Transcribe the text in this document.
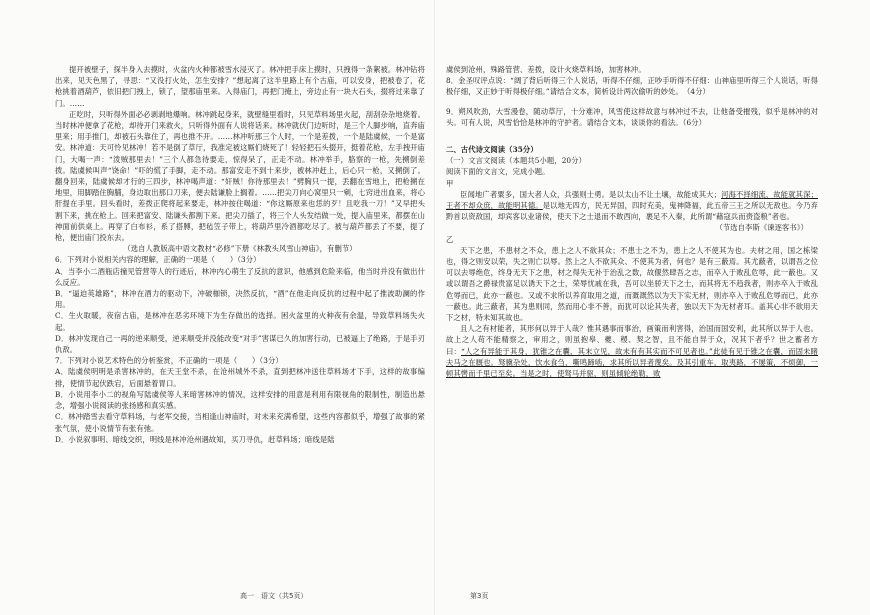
提开被壁子，探半身入去摸时，火盆内火种都被雪水浸灭了。林冲把手床上摸时，只拽得一条絮被。林冲钻将出来，见天色黑了，寻思：“又没打火处，怎生安排？”想起离了这半里路上有个古庙，可以安身，把被卷了，花枪挑着酒葫芦，依旧把门拽上，锁了，望那庙里来。入得庙门，再把门掩上，旁边止有一块大石头，掇将过来靠了门。……

正吃时，只听得外面必必剥剥地爆响。林冲跳起身来，就壁缝里看时，只见草料场里火起，刮刮杂杂地烧着。当时林冲便拿了花枪，却待开门来救火，只听得外面有人说将话来。林冲就伏门边听时，是三个人脚步响，直奔庙里来；用手推门，却被石头靠住了，再也推不开。……林冲听那三个人时，一个是差拨，一个是陆虞候，一个是富安。林冲道：天可怜见林冲！若不是倒了草厅，我准定被这厮们烧死了！轻轻把石头掇开，挺着花枪，左手拽开庙门，大喝一声：“泼贼那里去！”三个人都急待要走，惊得呆了，正走不动。林冲举手，胳察的一枪，先搠倒差拨。陆虞候叫声“饶命！”吓的慌了手脚，走不动。那富安走不到十来步，被林冲赶上，后心只一枪，又搠倒了。翻身回来，陆虞候却才行的三四步，林冲喝声道：“奸贼！你待那里去！”劈胸只一提，丢翻在雪地上，把枪搠在地里，用脚踏住胸脯，身边取出那口刀来，便去陆谦脸上搁着。……把尖刀向心窝里只一剜，七窍迸出血来，将心肝提在手里。回头看时，差拨正爬将起来要走，林冲按住喝道：“你这厮原来也恁的歹！且吃我一刀！”又早把头割下来，挑在枪上。回来把富安、陆谦头都割下来。把尖刀插了，将三个人头发结做一处，提入庙里来，都摆在山神面前供桌上。再穿了白布衫，系了搭膊，把毡笠子带上，将葫芦里冷酒都吃尽了。被与葫芦都丢了不要，提了枪，便出庙门投东去。

（选自人教版高中语文教材“必修”下册《林教头风雪山神庙》，有删节）

6．下列对小说相关内容的理解，正确的一项是（　　）（3分）

A．当李小二酒瓶店撞见管营等人的行迹后，林冲内心萌生了反抗的意识，他感到危险来临，他当时并没有做出什么反应。

B．“逼迫英雄路”，林冲在酒力的驱动下，冲破枷锁，决然反抗，“酒”在他走向反抗的过程中起了推波助澜的作用。

C．生火取暖，夜宿古庙，是林冲在恶劣环境下为生存做出的选择。困火盆里的火种夜有余温，导致草料场失火起。

D．林冲发现自己一再的逆来顺受，逆来顺受并没能改变“对手”害谋已久的加害行动，已被逼上了绝路，于是手刃仇敌。

7．下列对小说艺术特色的分析鉴赏，不正确的一项是（　　）（3分）

A．陆虞侯明明是杀害林冲的，在天王堂不杀，在沧州城外不杀，直到把林冲送往草料场才下手，这样的故事编排，使情节起伏跌宕，后面悬着胃口。

B．小说用李小二的视角写陆虞侯等人来暗害林冲的情况，这样安排的用意是利用有限视角的限制性，制造出悬念，增强小说阅读的张扬感和真实感。

C．林冲踏雪去看守草料场，与老军交接，当相逢山神庙时，对未来充满希望，这些内容都似乎，增强了故事的紧张气氛，使小说情节有张有弛。

D．小说叙事明、暗线交织，明线是林冲沧州遇故知，买刀寻仇，赶草料场；暗线是陆

虞侯到沧州，殊路管营、差拨，设计火烧草料场，加害林冲。

8．金圣叹评点说：“阔了背后听得三个人说话，听得不仔细，正吵手听得不仔细：山神庙里听得三个人说话，听得极仔细，又正妙于听得极仔细。”请结合文本，简析设计两次偷听的妙处。　（4分）

9．朔风吹劲，大雪漫卷，随动草厅，十分难冲，风雪使这样故意与林冲过不去，让他备受摧残，似乎是林冲的对头。可有人说，风雪恰恰是林冲的守护者。请结合文本，谈谈你的看法。（6分）

二、古代诗文阅读（35分）

（一）文言文阅读（本题共5小题，20分）

阅读下面的文言文，完成小题。

甲

臣闻地广者粟多，国大者人众，兵强则士勇。是以太山不让土壤，故能成其大；河海不择细流，故能就其深；王者不却众庶，故能明其德。是以地无四方，民无异国，四时充美，鬼神降福，此五帝三王之所以无敌也。今乃弃黔首以资敌国，却宾客以业诸侯，使天下之士退而不敢西向，裹足不入秦，此所谓“藉寇兵而赍盗粮”者也。

（节选自李斯《谏逐客书》）

乙

天下之患，不患材之不众，患上之人不欲其众；不患士之不为，患上之人不使其为也。夫材之用，国之栋梁也，得之则安以荣，失之则亡以辱。然上之人不欲其众、不使其为者，何也？是有三蔽焉。其尤蔽者，以谓吾之位可以去辱绝危，终身无天下之患，材之得失无补于治乱之数，故偃然肆吾之志，而卒入于败乱危辱，此一蔽也。又或以谓吾之爵禄贵富足以诱天下之士，荣辱忧戚在我，吾可以坐骄天下之士，而其将无不趋我者，则亦卒入于败乱危辱而已，此亦一蔽也。又或不求所以养育取用之道，而溉溉然以为天下实无材，则亦卒入于败乱危辱而已，此亦一蔽也。此三蔽者，其为患则同，然而用心非不善，而犹可以论其失者，独以天下为无材者耳。盖其心非不欲用天下之材，特未知其故也。

且人之有材能者，其形何以异于人哉？惟其遇事而事治，画策而利害得，治国而国安利，此其所以异于人也。故上之人苟不能精察之，审用之，则虽抱皋、夔、稷、契之智，且不能自异于众，况其下者乎？世之蓄者方曰：“人之有异能于其身，犹锥之在囊，其末立见，故未有有其实而不可见者也。”此徒有见于锥之在囊，而固未睹夫马之在厩也。驽骥杂处，饮水食刍，嘶鸣蹄啮，求其所以异者蔑矣。及其引重车，取夷路，不屡策，不烦御，一顿其辔而千里已至矣。当是之时，使驽马并驱，则虽倾轮绝勒，败

高一　语文（共5页）	第3页
